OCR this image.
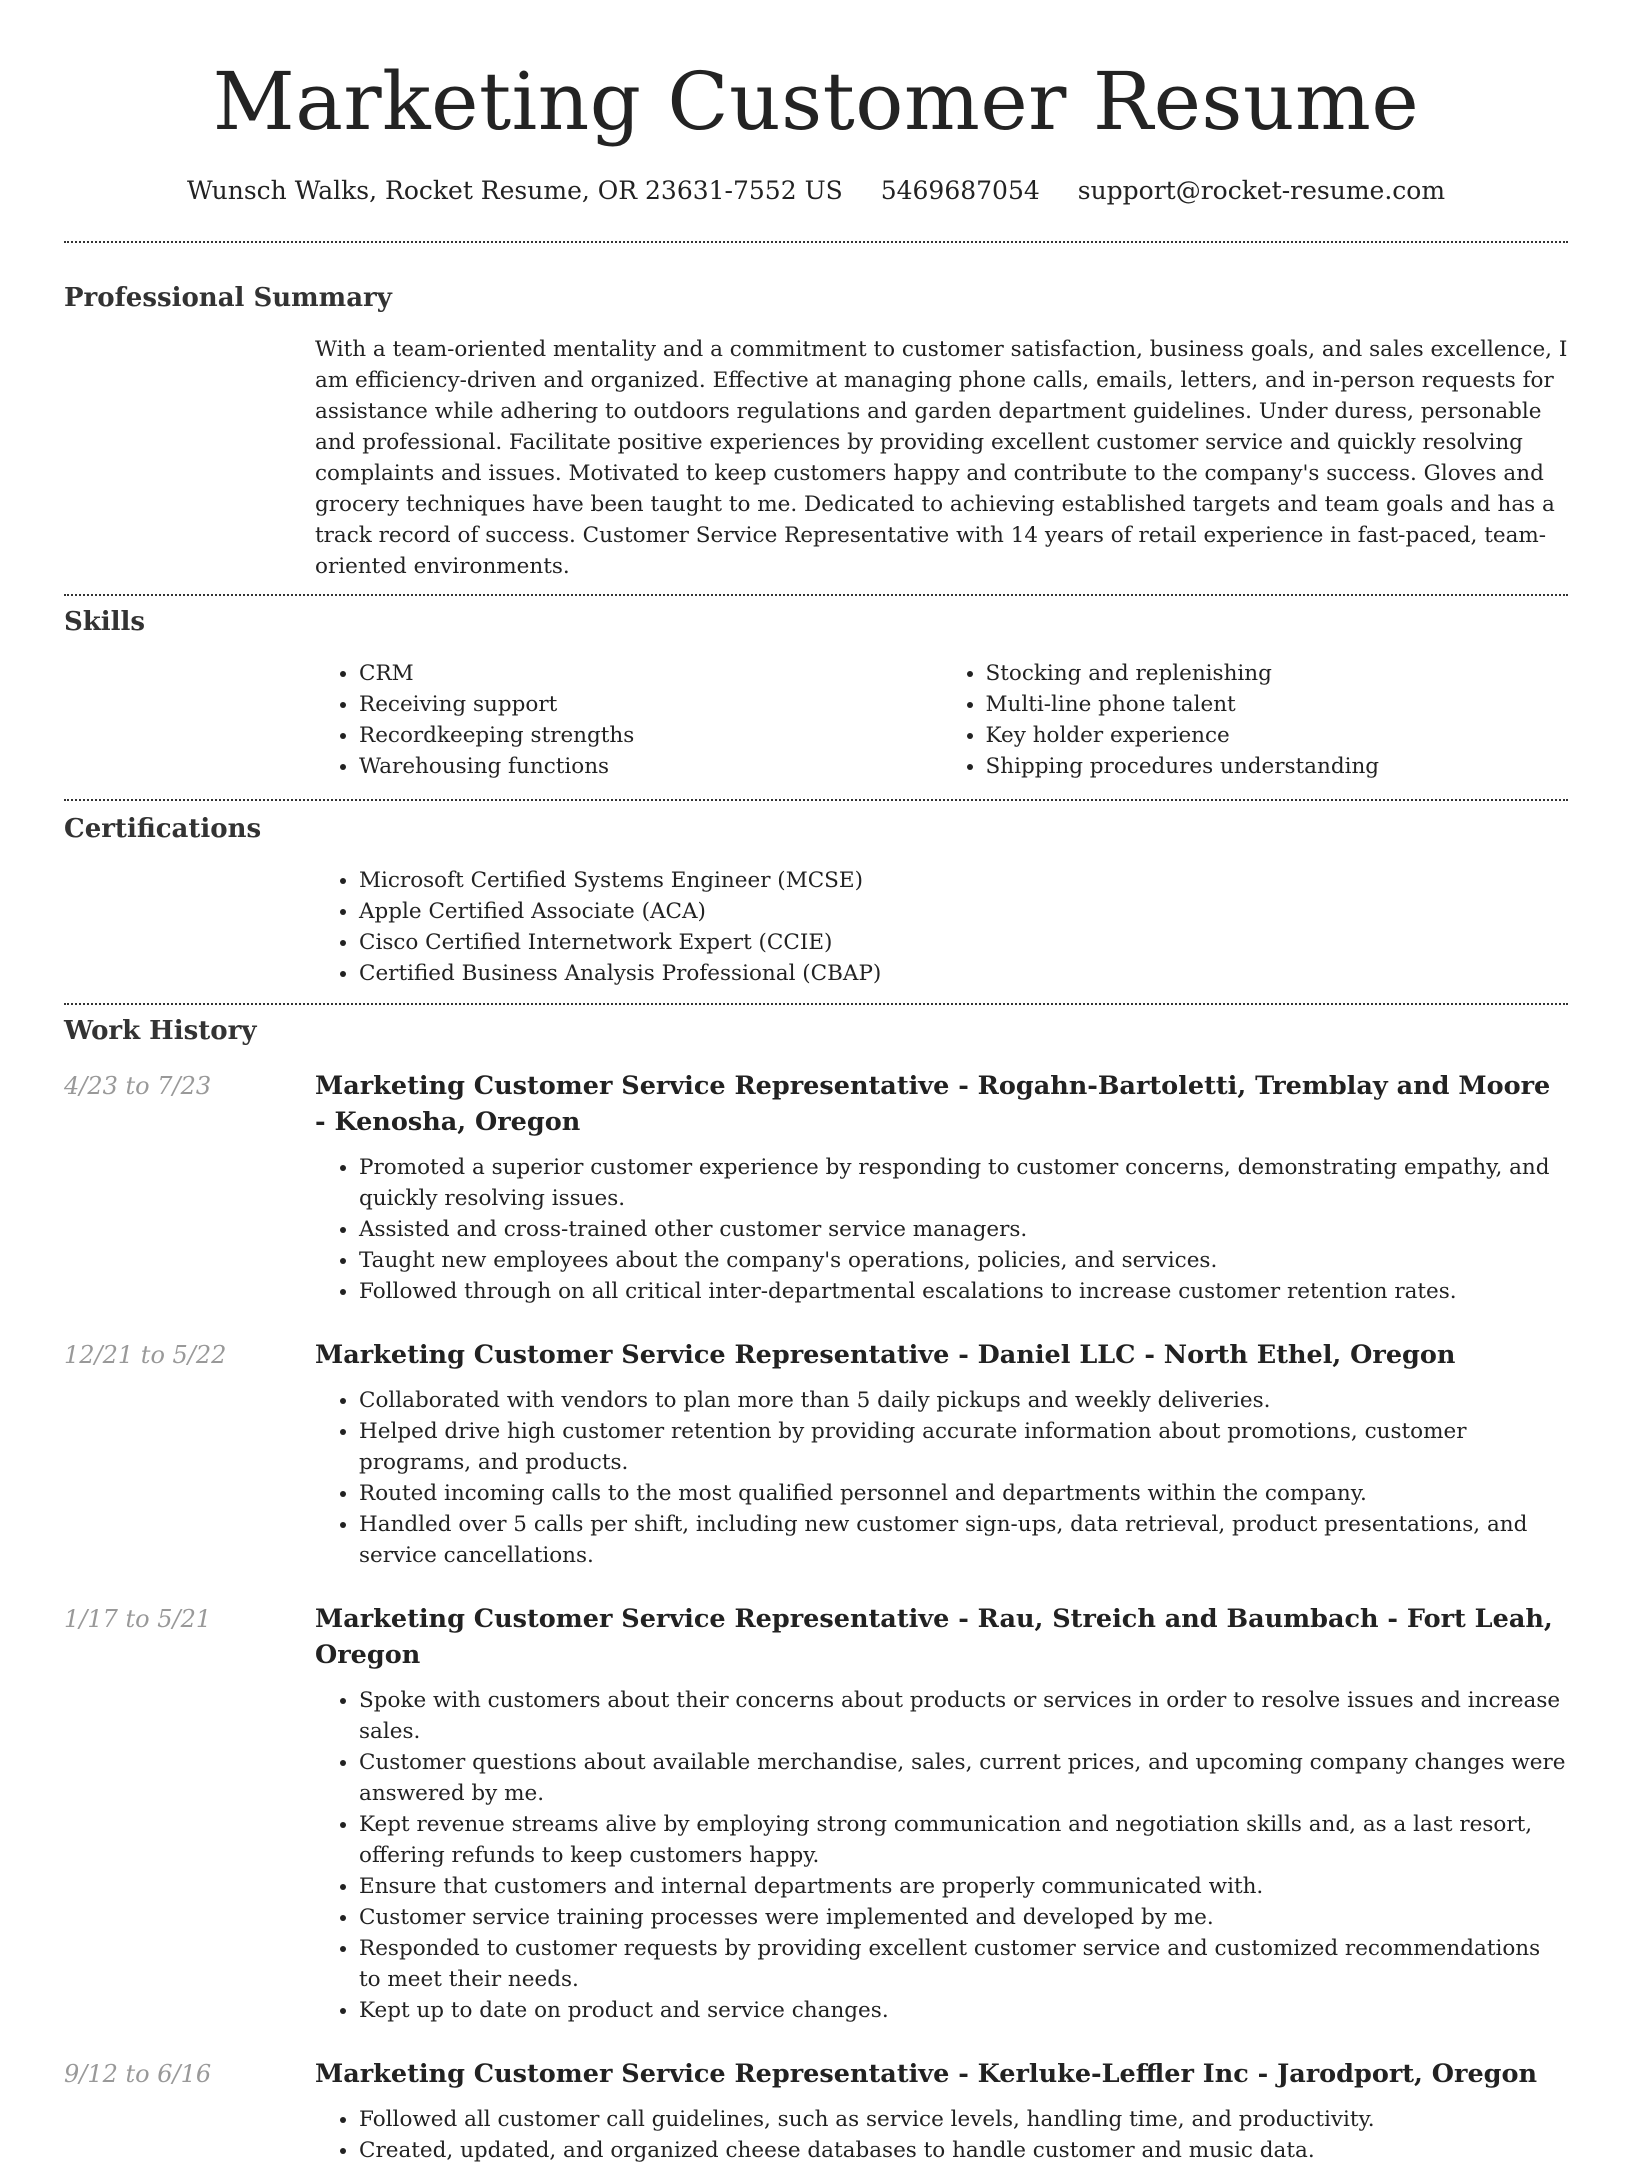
Marketing Customer Resume
Wunsch Walks, Rocket Resume, OR 23631-7552 US 5469687054 support@rocket-resume.com
Professional Summary

With a team-oriented mentality and a commitment to customer satisfaction, business goals, and sales excellence, I am efficiency-driven and organized. Effective at managing phone calls, emails, letters, and in-person requests for assistance while adhering to outdoors regulations and garden department guidelines. Under duress, personable and professional. Facilitate positive experiences by providing excellent customer service and quickly resolving complaints and issues. Motivated to keep customers happy and contribute to the company's success. Gloves and grocery techniques have been taught to me. Dedicated to achieving established targets and team goals and has a track record of success. Customer Service Representative with 14 years of retail experience in fast-paced, team-oriented environments.

Skills
• CRM
• Receiving support
• Recordkeeping strengths
• Warehousing functions
• Stocking and replenishing
• Multi-line phone talent
• Key holder experience
• Shipping procedures understanding
Certifications
• Microsoft Certified Systems Engineer (MCSE)
• Apple Certified Associate (ACA)
• Cisco Certified Internetwork Expert (CCIE)
• Certified Business Analysis Professional (CBAP)
Work History
4/23 to 7/23	Marketing Customer Service Representative - Rogahn-Bartoletti, Tremblay and Moore - Kenosha, Oregon
• Promoted a superior customer experience by responding to customer concerns, demonstrating empathy, and quickly resolving issues.
• Assisted and cross-trained other customer service managers.
• Taught new employees about the company's operations, policies, and services.
• Followed through on all critical inter-departmental escalations to increase customer retention rates.
12/21 to 5/22	Marketing Customer Service Representative - Daniel LLC - North Ethel, Oregon
• Collaborated with vendors to plan more than 5 daily pickups and weekly deliveries.
• Helped drive high customer retention by providing accurate information about promotions, customer programs, and products.
• Routed incoming calls to the most qualified personnel and departments within the company.
• Handled over 5 calls per shift, including new customer sign-ups, data retrieval, product presentations, and service cancellations.
1/17 to 5/21	Marketing Customer Service Representative - Rau, Streich and Baumbach - Fort Leah, Oregon
• Spoke with customers about their concerns about products or services in order to resolve issues and increase sales.
• Customer questions about available merchandise, sales, current prices, and upcoming company changes were answered by me.
• Kept revenue streams alive by employing strong communication and negotiation skills and, as a last resort, offering refunds to keep customers happy.
• Ensure that customers and internal departments are properly communicated with.
• Customer service training processes were implemented and developed by me.
• Responded to customer requests by providing excellent customer service and customized recommendations to meet their needs.
• Kept up to date on product and service changes.
9/12 to 6/16	Marketing Customer Service Representative - Kerluke-Leffler Inc - Jarodport, Oregon
• Followed all customer call guidelines, such as service levels, handling time, and productivity.
• Created, updated, and organized cheese databases to handle customer and music data.
